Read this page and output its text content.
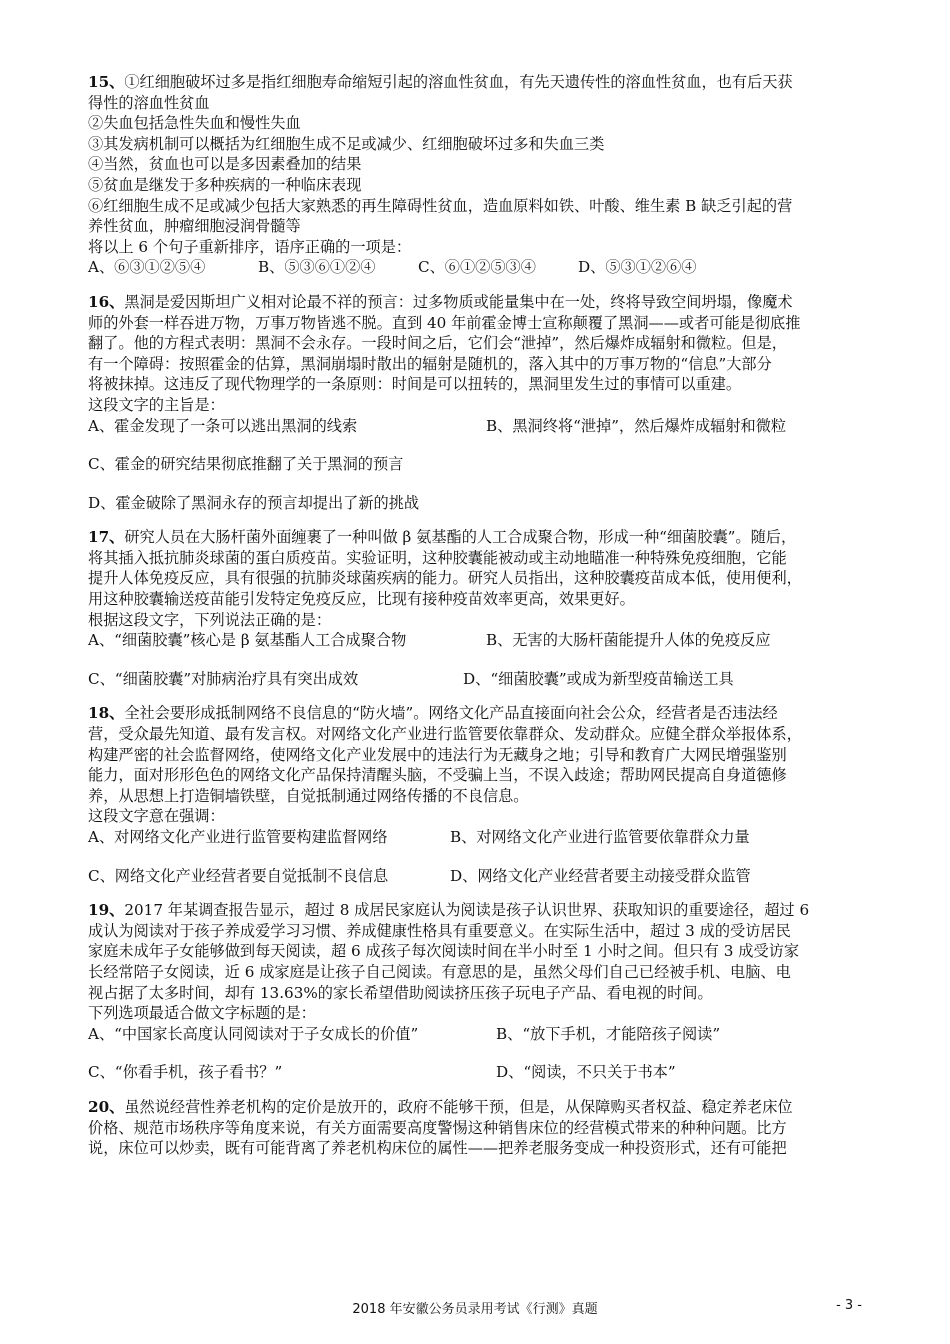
15、①红细胞破坏过多是指红细胞寿命缩短引起的溶血性贫血，有先天遗传性的溶血性贫血，也有后天获
得性的溶血性贫血
②失血包括急性失血和慢性失血
③其发病机制可以概括为红细胞生成不足或减少、红细胞破坏过多和失血三类
④当然，贫血也可以是多因素叠加的结果
⑤贫血是继发于多种疾病的一种临床表现
⑥红细胞生成不足或减少包括大家熟悉的再生障碍性贫血，造血原料如铁、叶酸、维生素 B 缺乏引起的营
养性贫血，肿瘤细胞浸润骨髓等
将以上 6 个句子重新排序，语序正确的一项是：
A、⑥③①②⑤④	B、⑤③⑥①②④	C、⑥①②⑤③④	D、⑤③①②⑥④
16、黑洞是爱因斯坦广义相对论最不祥的预言：过多物质或能量集中在一处，终将导致空间坍塌，像魔术
师的外套一样吞进万物，万事万物皆逃不脱。直到 40 年前霍金博士宣称颠覆了黑洞——或者可能是彻底推
翻了。他的方程式表明：黑洞不会永存。一段时间之后，它们会“泄掉”，然后爆炸成辐射和微粒。但是，
有一个障碍：按照霍金的估算，黑洞崩塌时散出的辐射是随机的，落入其中的万事万物的“信息”大部分
将被抹掉。这违反了现代物理学的一条原则：时间是可以扭转的，黑洞里发生过的事情可以重建。
这段文字的主旨是：
A、霍金发现了一条可以逃出黑洞的线索	B、黑洞终将“泄掉”，然后爆炸成辐射和微粒
C、霍金的研究结果彻底推翻了关于黑洞的预言
D、霍金破除了黑洞永存的预言却提出了新的挑战
17、研究人员在大肠杆菌外面缠裹了一种叫做 β 氨基酯的人工合成聚合物，形成一种“细菌胶囊”。随后，
将其插入抵抗肺炎球菌的蛋白质疫苗。实验证明，这种胶囊能被动或主动地瞄准一种特殊免疫细胞，它能
提升人体免疫反应，具有很强的抗肺炎球菌疾病的能力。研究人员指出，这种胶囊疫苗成本低，使用便利，
用这种胶囊输送疫苗能引发特定免疫反应，比现有接种疫苗效率更高，效果更好。
根据这段文字，下列说法正确的是：
A、“细菌胶囊”核心是 β 氨基酯人工合成聚合物	B、无害的大肠杆菌能提升人体的免疫反应
C、“细菌胶囊”对肺病治疗具有突出成效	D、“细菌胶囊”或成为新型疫苗输送工具
18、全社会要形成抵制网络不良信息的“防火墙”。网络文化产品直接面向社会公众，经营者是否违法经
营，受众最先知道、最有发言权。对网络文化产业进行监管要依靠群众、发动群众。应健全群众举报体系，
构建严密的社会监督网络，使网络文化产业发展中的违法行为无藏身之地；引导和教育广大网民增强鉴别
能力，面对形形色色的网络文化产品保持清醒头脑，不受骗上当，不误入歧途；帮助网民提高自身道德修
养，从思想上打造铜墙铁壁，自觉抵制通过网络传播的不良信息。
这段文字意在强调：
A、对网络文化产业进行监管要构建监督网络	B、对网络文化产业进行监管要依靠群众力量
C、网络文化产业经营者要自觉抵制不良信息	D、网络文化产业经营者要主动接受群众监管
19、2017 年某调查报告显示，超过 8 成居民家庭认为阅读是孩子认识世界、获取知识的重要途径，超过 6
成认为阅读对于孩子养成爱学习习惯、养成健康性格具有重要意义。在实际生活中，超过 3 成的受访居民
家庭未成年子女能够做到每天阅读，超 6 成孩子每次阅读时间在半小时至 1 小时之间。但只有 3 成受访家
长经常陪子女阅读，近 6 成家庭是让孩子自己阅读。有意思的是，虽然父母们自己已经被手机、电脑、电
视占据了太多时间，却有 13.63%的家长希望借助阅读挤压孩子玩电子产品、看电视的时间。
下列选项最适合做文字标题的是：
A、“中国家长高度认同阅读对于子女成长的价值”	B、“放下手机，才能陪孩子阅读”
C、“你看手机，孩子看书？”	D、“阅读，不只关于书本”
20、虽然说经营性养老机构的定价是放开的，政府不能够干预，但是，从保障购买者权益、稳定养老床位
价格、规范市场秩序等角度来说，有关方面需要高度警惕这种销售床位的经营模式带来的种种问题。比方
说，床位可以炒卖，既有可能背离了养老机构床位的属性——把养老服务变成一种投资形式，还有可能把
2018 年安徽公务员录用考试《行测》真题	- 3 -
